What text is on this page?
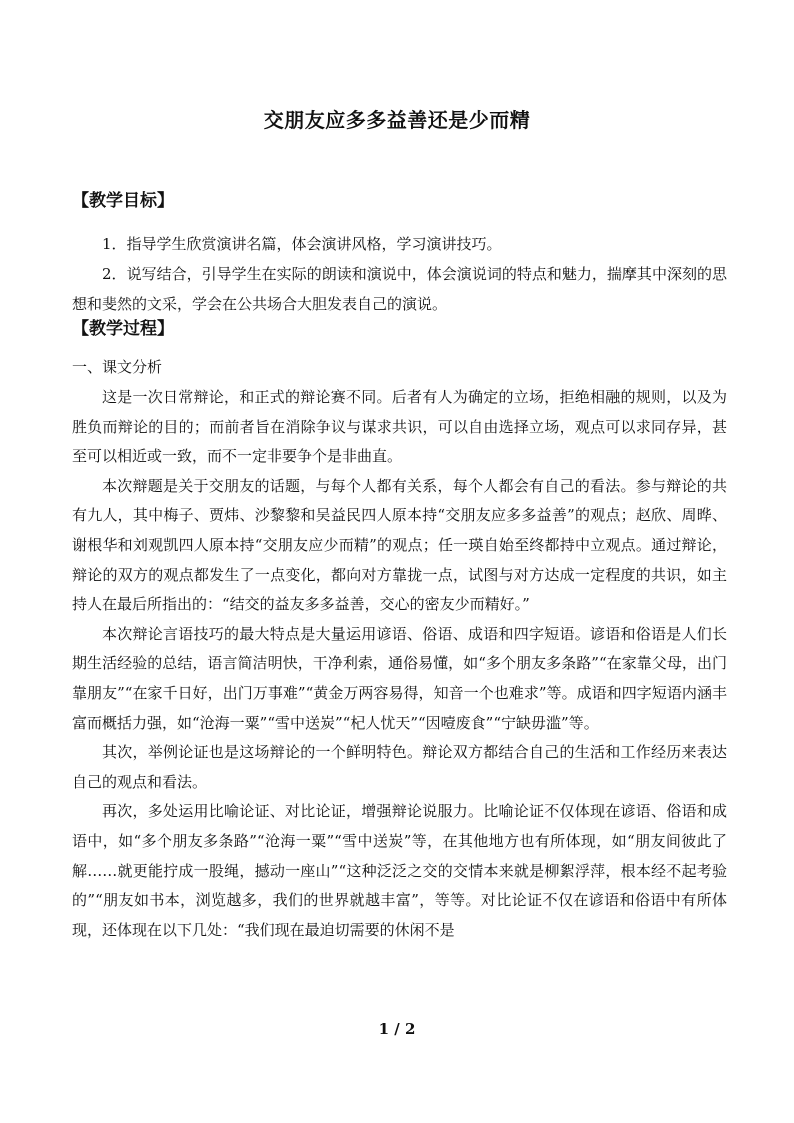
交朋友应多多益善还是少而精
【教学目标】

1．指导学生欣赏演讲名篇，体会演讲风格，学习演讲技巧。

2．说写结合，引导学生在实际的朗读和演说中，体会演说词的特点和魅力，揣摩其中深刻的思想和斐然的文采，学会在公共场合大胆发表自己的演说。

【教学过程】
一、课文分析

这是一次日常辩论，和正式的辩论赛不同。后者有人为确定的立场，拒绝相融的规则，以及为胜负而辩论的目的；而前者旨在消除争议与谋求共识，可以自由选择立场，观点可以求同存异，甚至可以相近或一致，而不一定非要争个是非曲直。

本次辩题是关于交朋友的话题，与每个人都有关系，每个人都会有自己的看法。参与辩论的共有九人，其中梅子、贾炜、沙黎黎和吴益民四人原本持“交朋友应多多益善”的观点；赵欣、周晔、谢根华和刘观凯四人原本持“交朋友应少而精”的观点；任一瑛自始至终都持中立观点。通过辩论，辩论的双方的观点都发生了一点变化，都向对方靠拢一点，试图与对方达成一定程度的共识，如主持人在最后所指出的：“结交的益友多多益善，交心的密友少而精好。”

本次辩论言语技巧的最大特点是大量运用谚语、俗语、成语和四字短语。谚语和俗语是人们长期生活经验的总结，语言简洁明快，干净利索，通俗易懂，如“多个朋友多条路”“在家靠父母，出门靠朋友”“在家千日好，出门万事难”“黄金万两容易得，知音一个也难求”等。成语和四字短语内涵丰富而概括力强，如“沧海一粟”“雪中送炭”“杞人忧天”“因噎废食”“宁缺毋滥”等。

其次，举例论证也是这场辩论的一个鲜明特色。辩论双方都结合自己的生活和工作经历来表达自己的观点和看法。

再次，多处运用比喻论证、对比论证，增强辩论说服力。比喻论证不仅体现在谚语、俗语和成语中，如“多个朋友多条路”“沧海一粟”“雪中送炭”等，在其他地方也有所体现，如“朋友间彼此了解……就更能拧成一股绳，撼动一座山”“这种泛泛之交的交情本来就是柳絮浮萍，根本经不起考验的”“朋友如书本，浏览越多，我们的世界就越丰富”，等等。对比论证不仅在谚语和俗语中有所体现，还体现在以下几处：“我们现在最迫切需要的休闲不是

1 / 2
